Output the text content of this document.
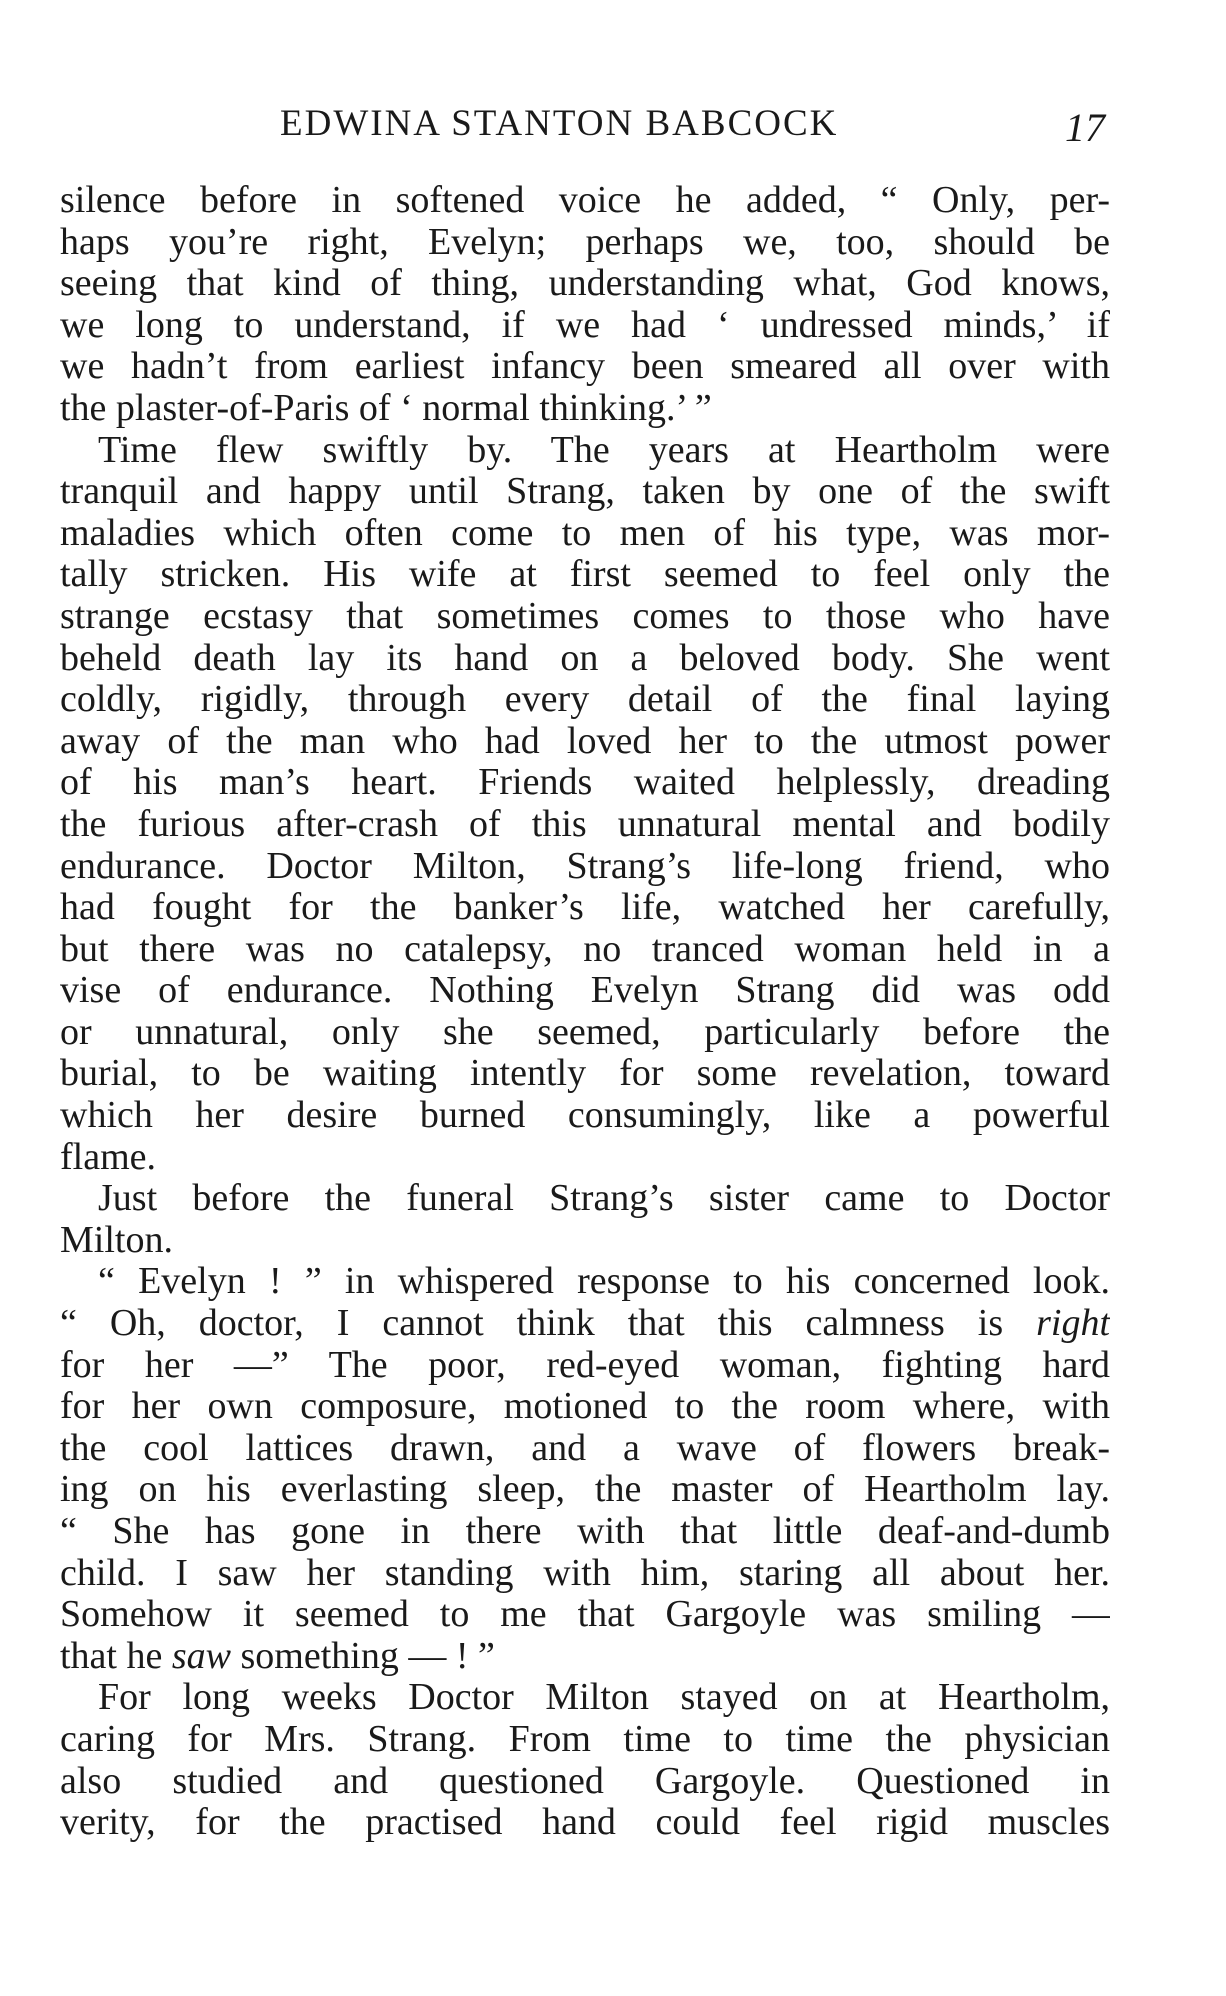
EDWINA STANTON BABCOCK	17
silence before in softened voice he added, “ Only, per-
haps you’re right, Evelyn; perhaps we, too, should be
seeing that kind of thing, understanding what, God knows,
we long to understand, if we had ‘ undressed minds,’ if
we hadn’t from earliest infancy been smeared all over with
the plaster-of-Paris of ‘ normal thinking.’ ”
Time flew swiftly by. The years at Heartholm were
tranquil and happy until Strang, taken by one of the swift
maladies which often come to men of his type, was mor-
tally stricken. His wife at first seemed to feel only the
strange ecstasy that sometimes comes to those who have
beheld death lay its hand on a beloved body. She went
coldly, rigidly, through every detail of the final laying
away of the man who had loved her to the utmost power
of his man’s heart. Friends waited helplessly, dreading
the furious after-crash of this unnatural mental and bodily
endurance. Doctor Milton, Strang’s life-long friend, who
had fought for the banker’s life, watched her carefully,
but there was no catalepsy, no tranced woman held in a
vise of endurance. Nothing Evelyn Strang did was odd
or unnatural, only she seemed, particularly before the
burial, to be waiting intently for some revelation, toward
which her desire burned consumingly, like a powerful
flame.
Just before the funeral Strang’s sister came to Doctor
Milton.
“ Evelyn ! ” in whispered response to his concerned look.
“ Oh, doctor, I cannot think that this calmness is right
for her —” The poor, red-eyed woman, fighting hard
for her own composure, motioned to the room where, with
the cool lattices drawn, and a wave of flowers break-
ing on his everlasting sleep, the master of Heartholm lay.
“ She has gone in there with that little deaf-and-dumb
child. I saw her standing with him, staring all about her.
Somehow it seemed to me that Gargoyle was smiling —
that he saw something — ! ”
For long weeks Doctor Milton stayed on at Heartholm,
caring for Mrs. Strang. From time to time the physician
also studied and questioned Gargoyle. Questioned in
verity, for the practised hand could feel rigid muscles
